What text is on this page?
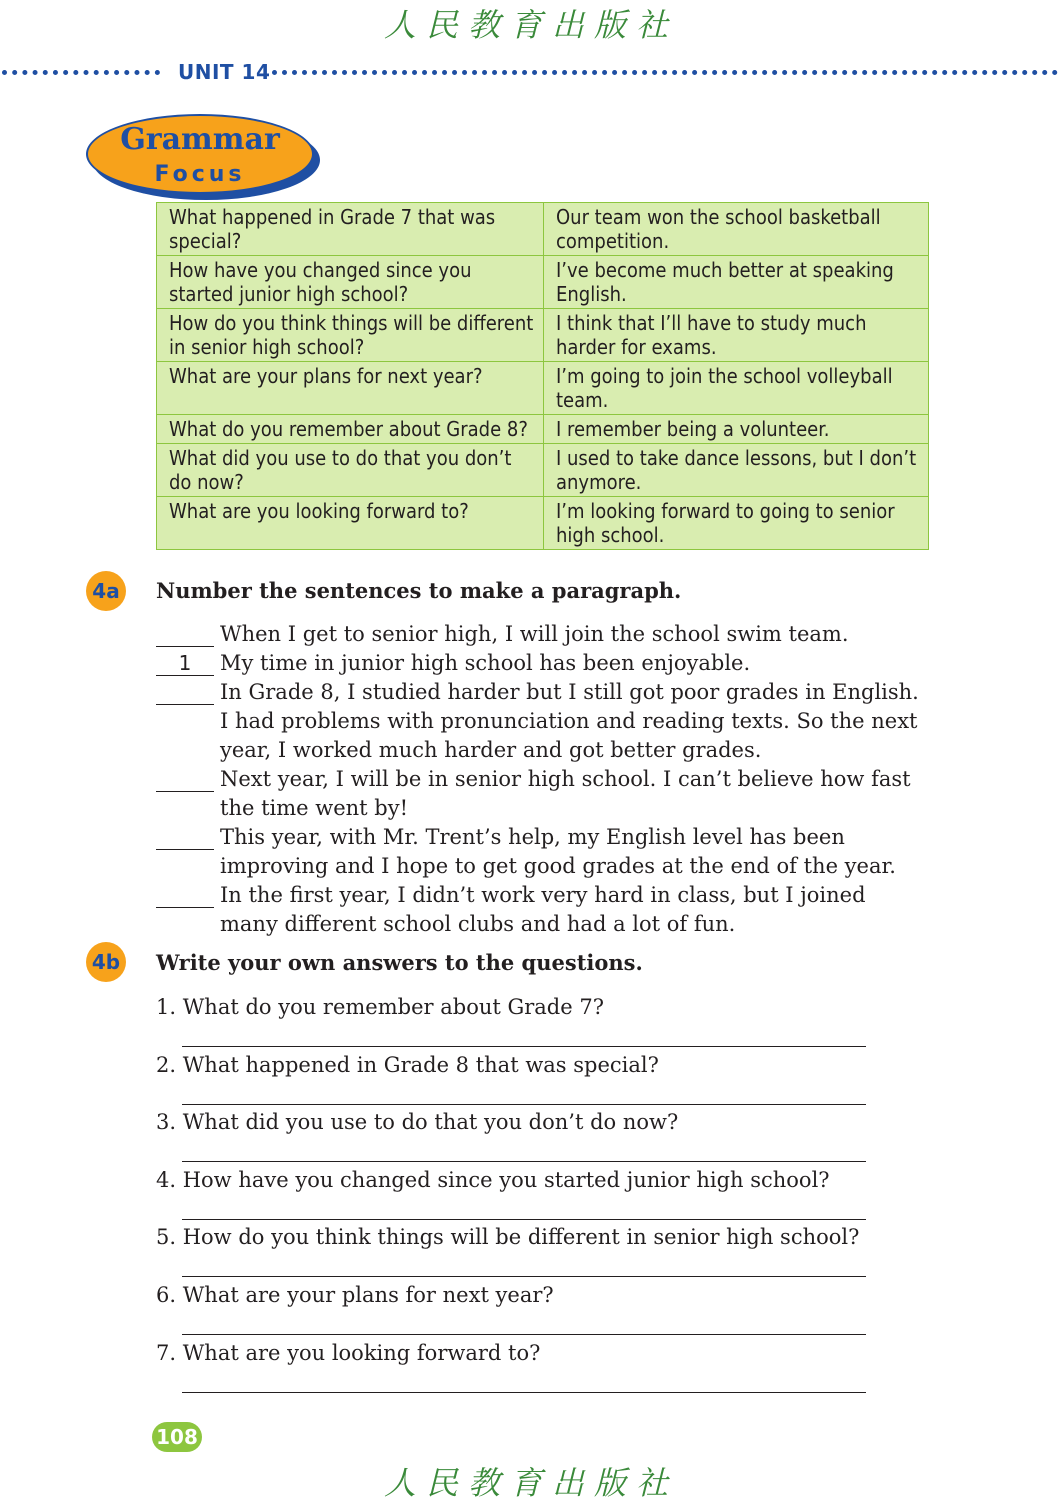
人民教育出版社
UNIT 14
Grammar
Focus
What happened in Grade 7 that was special?	Our team won the school basketball competition.
How have you changed since you started junior high school?	I’ve become much better at speaking English.
How do you think things will be different in senior high school?	I think that I’ll have to study much harder for exams.
What are your plans for next year?	I’m going to join the school volleyball team.
What do you remember about Grade 8?	I remember being a volunteer.
What did you use to do that you don’t do now?	I used to take dance lessons, but I don’t anymore.
What are you looking forward to?	I’m looking forward to going to senior high school.
4a Number the sentences to make a paragraph.
When I get to senior high, I will join the school swim team.
1	My time in junior high school has been enjoyable.
In Grade 8, I studied harder but I still got poor grades in English. I had problems with pronunciation and reading texts. So the next year, I worked much harder and got better grades.
Next year, I will be in senior high school. I can’t believe how fast the time went by!
This year, with Mr. Trent’s help, my English level has been improving and I hope to get good grades at the end of the year.
In the first year, I didn’t work very hard in class, but I joined many different school clubs and had a lot of fun.
4b Write your own answers to the questions.
1. What do you remember about Grade 7?
2. What happened in Grade 8 that was special?
3. What did you use to do that you don’t do now?
4. How have you changed since you started junior high school?
5. How do you think things will be different in senior high school?
6. What are your plans for next year?
7. What are you looking forward to?
108
人民教育出版社
